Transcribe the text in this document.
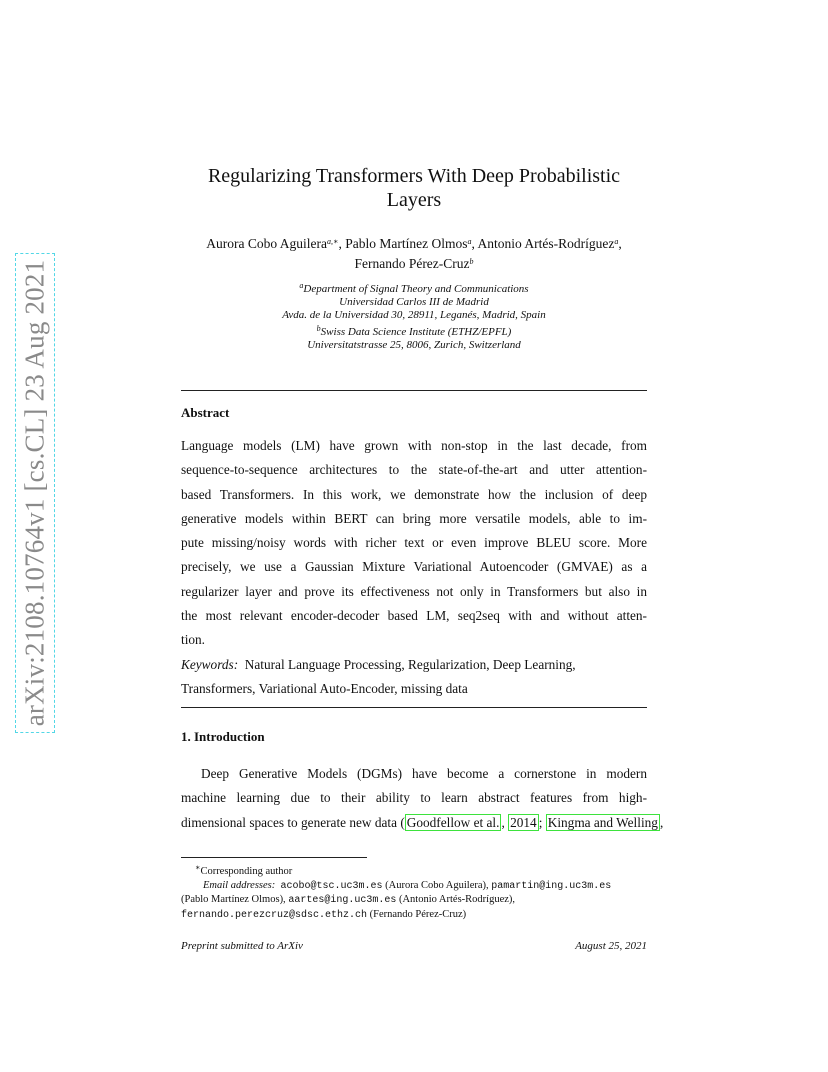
arXiv:2108.10764v1 [cs.CL] 23 Aug 2021
Regularizing Transformers With Deep Probabilistic
Layers
Aurora Cobo Aguilera$^{a,∗}$, Pablo Martínez Olmos$^a$, Antonio Artés-Rodríguez$^a$,
Fernando Pérez-Cruz$^b$
$^a$Department of Signal Theory and Communications
Universidad Carlos III de Madrid
Avda. de la Universidad 30, 28911, Leganés, Madrid, Spain
$^b$Swiss Data Science Institute (ETHZ/EPFL)
Universitatstrasse 25, 8006, Zurich, Switzerland
Abstract
Language models (LM) have grown with non-stop in the last decade, from
sequence-to-sequence architectures to the state-of-the-art and utter attention-
based Transformers. In this work, we demonstrate how the inclusion of deep
generative models within BERT can bring more versatile models, able to im-
pute missing/noisy words with richer text or even improve BLEU score. More
precisely, we use a Gaussian Mixture Variational Autoencoder (GMVAE) as a
regularizer layer and prove its effectiveness not only in Transformers but also in
the most relevant encoder-decoder based LM, seq2seq with and without atten-
tion.
Keywords: Natural Language Processing, Regularization, Deep Learning,
Transformers, Variational Auto-Encoder, missing data
1. Introduction
Deep Generative Models (DGMs) have become a cornerstone in modern
machine learning due to their ability to learn abstract features from high-
dimensional spaces to generate new data ( Goodfellow et al. , 2014 ; Kingma and Welling ,
∗Corresponding author
Email addresses: acobo@tsc.uc3m.es (Aurora Cobo Aguilera), pamartin@ing.uc3m.es
(Pablo Martínez Olmos), aartes@ing.uc3m.es (Antonio Artés-Rodríguez),
fernando.perezcruz@sdsc.ethz.ch (Fernando Pérez-Cruz)
Preprint submitted to ArXiv	August 25, 2021
